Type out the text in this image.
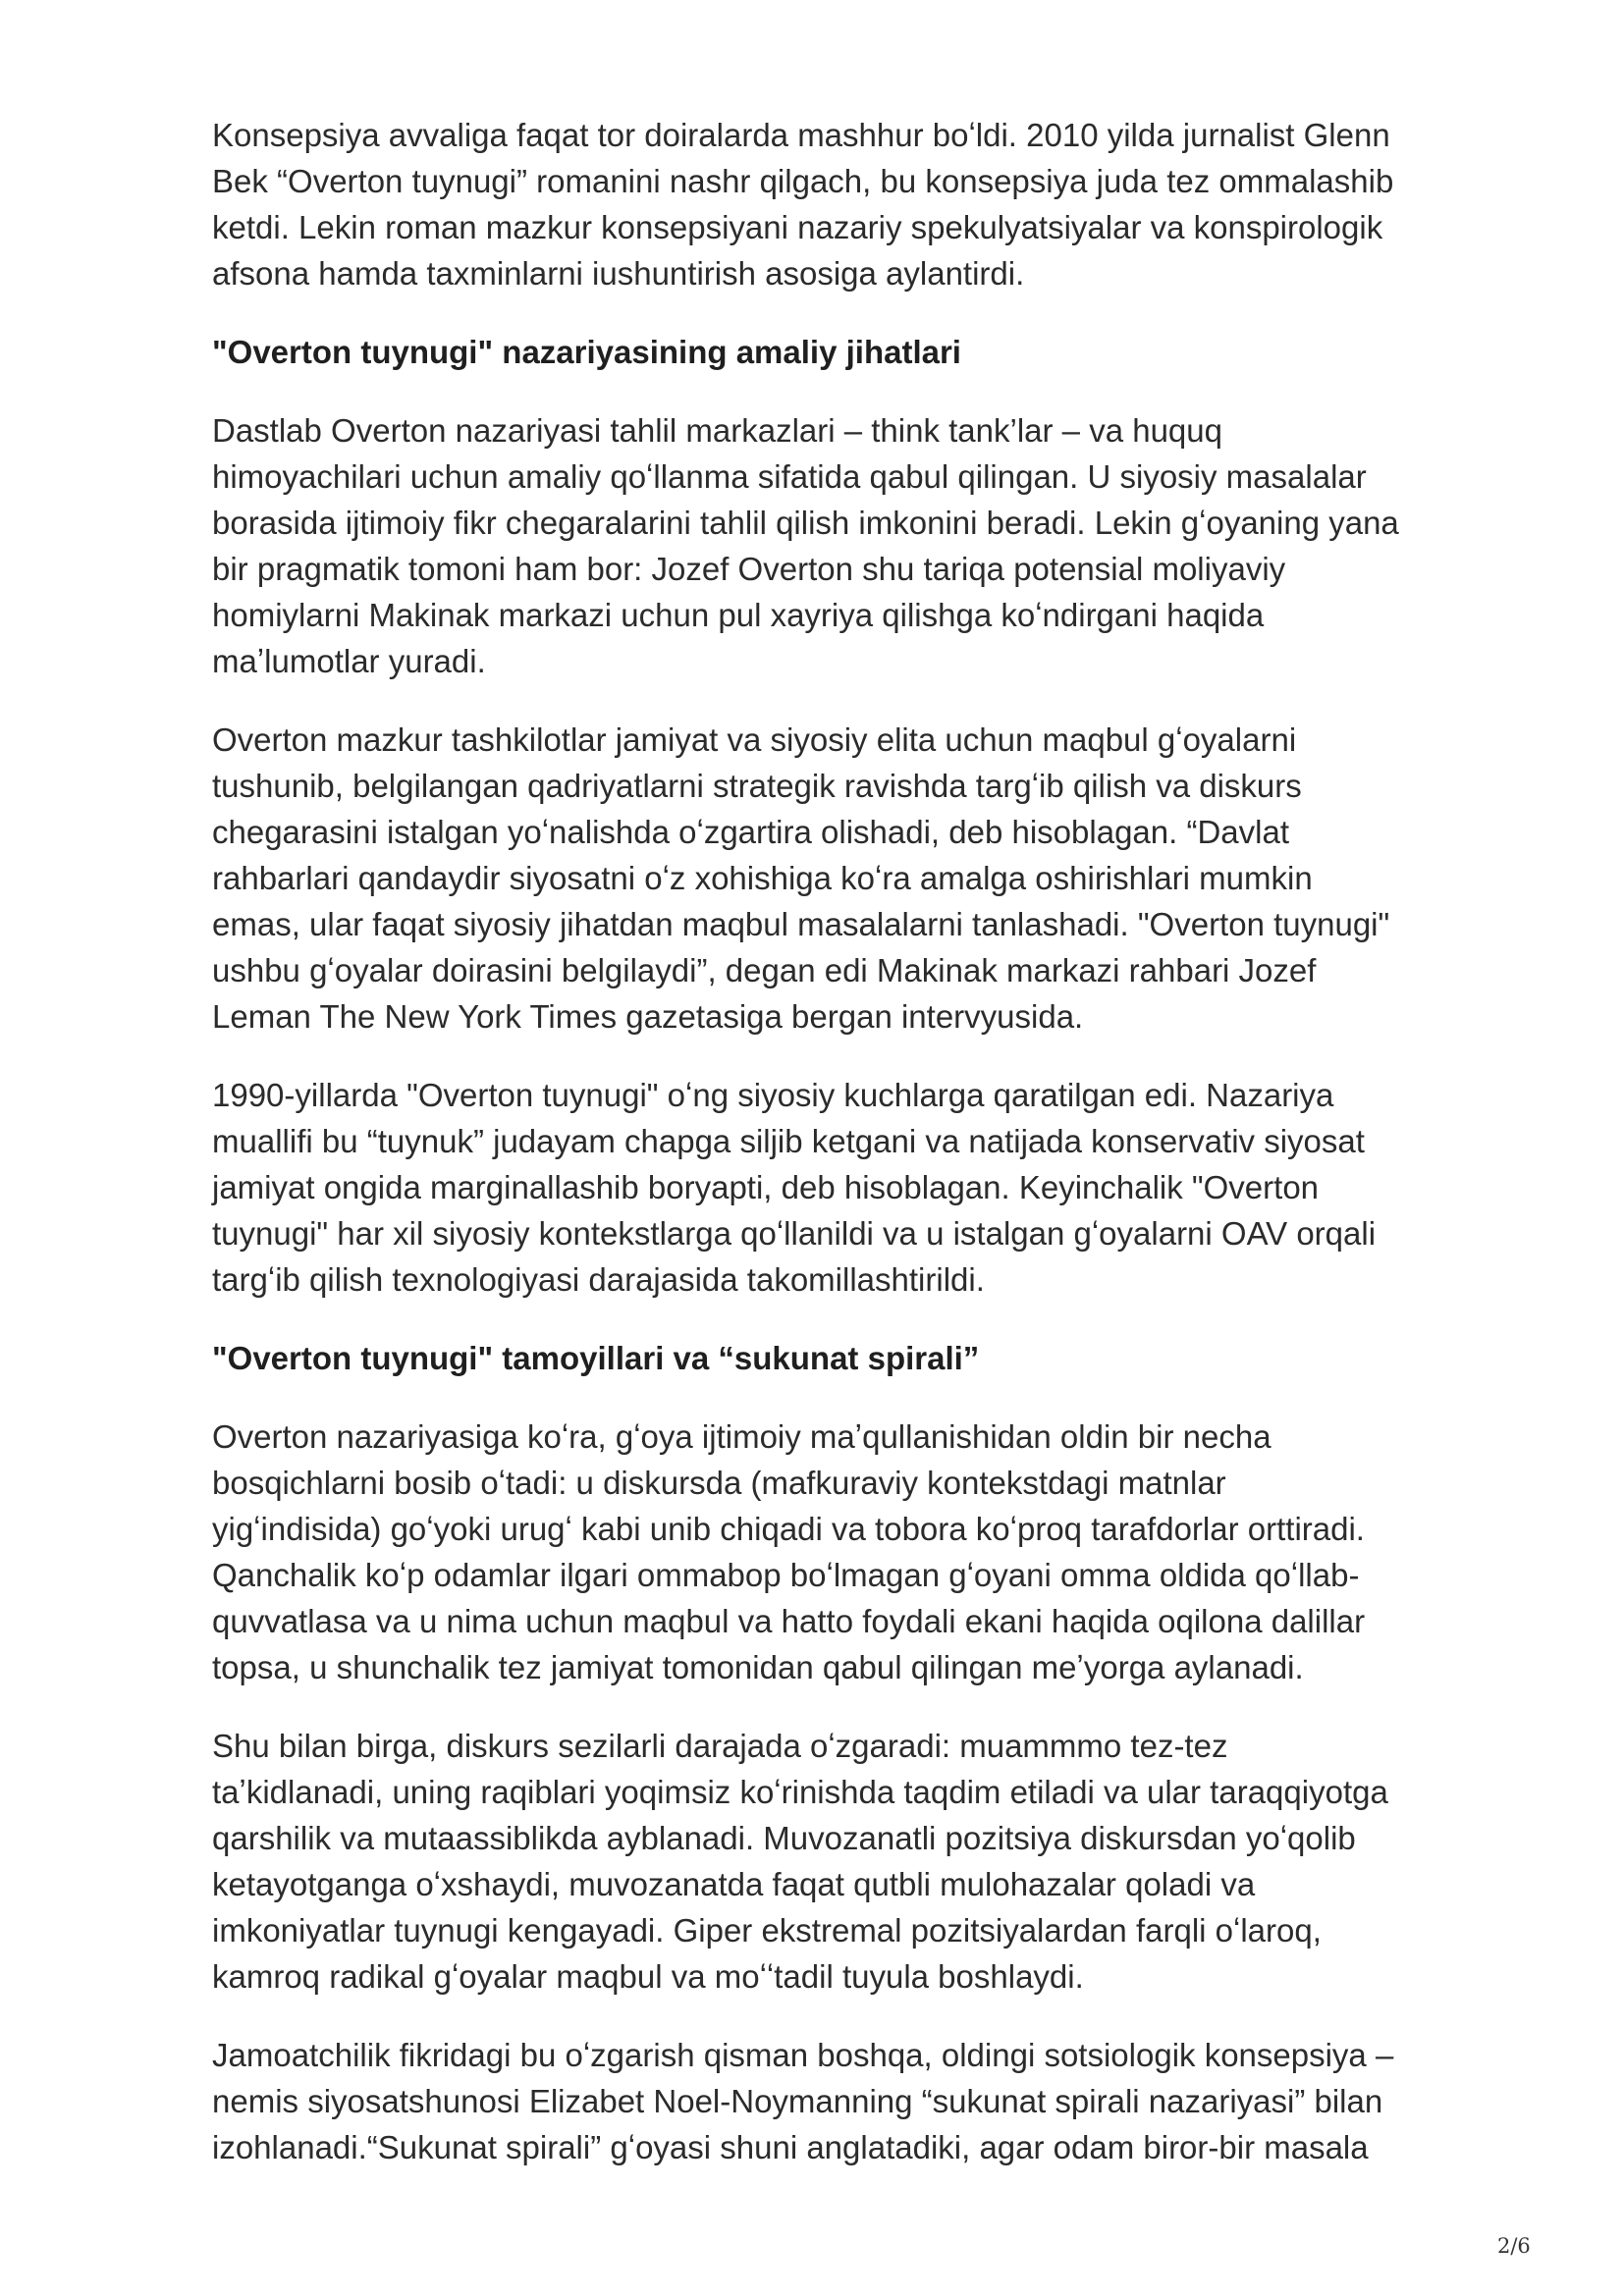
Konsepsiya avvaliga faqat tor doiralarda mashhur boʻldi. 2010 yilda jurnalist Glenn
Bek “Overton tuynugi” romanini nashr qilgach, bu konsepsiya juda tez ommalashib
ketdi. Lekin roman mazkur konsepsiyani nazariy spekulyatsiyalar va konspirologik
afsona hamda taxminlarni iushuntirish asosiga aylantirdi.
"Overton tuynugi" nazariyasining amaliy jihatlari
Dastlab Overton nazariyasi tahlil markazlari – think tank’lar – va huquq
himoyachilari uchun amaliy qoʻllanma sifatida qabul qilingan. U siyosiy masalalar
borasida ijtimoiy fikr chegaralarini tahlil qilish imkonini beradi. Lekin gʻoyaning yana
bir pragmatik tomoni ham bor: Jozef Overton shu tariqa potensial moliyaviy
homiylarni Makinak markazi uchun pul xayriya qilishga koʻndirgani haqida
maʼlumotlar yuradi.
Overton mazkur tashkilotlar jamiyat va siyosiy elita uchun maqbul gʻoyalarni
tushunib, belgilangan qadriyatlarni strategik ravishda targʻib qilish va diskurs
chegarasini istalgan yoʻnalishda oʻzgartira olishadi, deb hisoblagan. “Davlat
rahbarlari qandaydir siyosatni oʻz xohishiga koʻra amalga oshirishlari mumkin
emas, ular faqat siyosiy jihatdan maqbul masalalarni tanlashadi. "Overton tuynugi"
ushbu gʻoyalar doirasini belgilaydi”, degan edi Makinak markazi rahbari Jozef
Leman The New York Times gazetasiga bergan intervyusida.
1990-yillarda "Overton tuynugi" oʻng siyosiy kuchlarga qaratilgan edi. Nazariya
muallifi bu “tuynuk” judayam chapga siljib ketgani va natijada konservativ siyosat
jamiyat ongida marginallashib boryapti, deb hisoblagan. Keyinchalik "Overton
tuynugi" har xil siyosiy kontekstlarga qoʻllanildi va u istalgan gʻoyalarni OAV orqali
targʻib qilish texnologiyasi darajasida takomillashtirildi.
"Overton tuynugi" tamoyillari va “sukunat spirali”
Overton nazariyasiga koʻra, gʻoya ijtimoiy maʼqullanishidan oldin bir necha
bosqichlarni bosib oʻtadi: u diskursda (mafkuraviy kontekstdagi matnlar
yigʻindisida) goʻyoki urugʻ kabi unib chiqadi va tobora koʻproq tarafdorlar orttiradi.
Qanchalik koʻp odamlar ilgari ommabop boʻlmagan gʻoyani omma oldida qoʻllab-
quvvatlasa va u nima uchun maqbul va hatto foydali ekani haqida oqilona dalillar
topsa, u shunchalik tez jamiyat tomonidan qabul qilingan meʼyorga aylanadi.
Shu bilan birga, diskurs sezilarli darajada oʻzgaradi: muammmo tez-tez
taʼkidlanadi, uning raqiblari yoqimsiz koʻrinishda taqdim etiladi va ular taraqqiyotga
qarshilik va mutaassiblikda ayblanadi. Muvozanatli pozitsiya diskursdan yoʻqolib
ketayotganga oʻxshaydi, muvozanatda faqat qutbli mulohazalar qoladi va
imkoniyatlar tuynugi kengayadi. Giper ekstremal pozitsiyalardan farqli oʻlaroq,
kamroq radikal gʻoyalar maqbul va moʻʻtadil tuyula boshlaydi.
Jamoatchilik fikridagi bu oʻzgarish qisman boshqa, oldingi sotsiologik konsepsiya –
nemis siyosatshunosi Elizabet Noel-Noymanning “sukunat spirali nazariyasi” bilan
izohlanadi.“Sukunat spirali” gʻoyasi shuni anglatadiki, agar odam biror-bir masala
2/6
